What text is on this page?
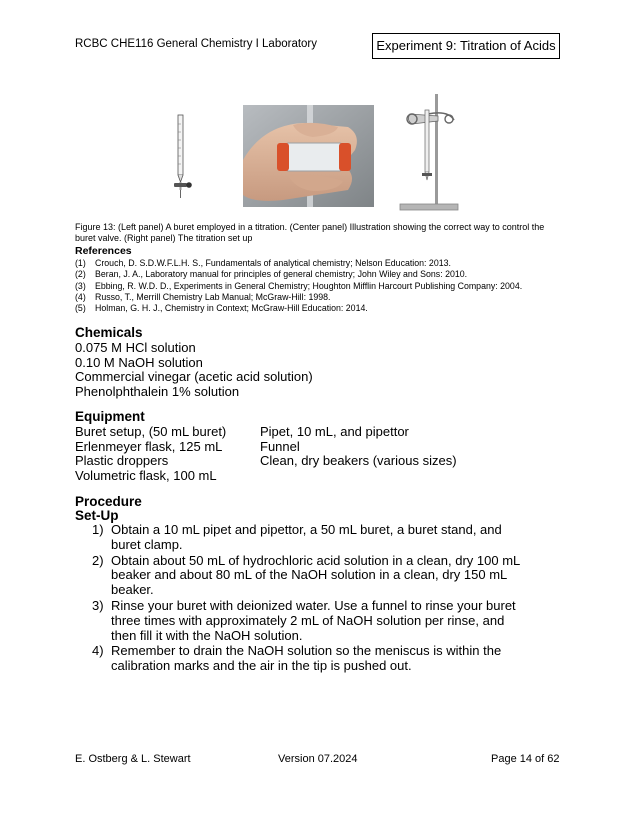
RCBC CHE116 General Chemistry I Laboratory	Experiment 9: Titration of Acids
Figure 13: (Left panel) A buret employed in a titration. (Center panel) Illustration showing the correct way to control the buret valve. (Right panel) The titration set up
References
(1)	Crouch, D. S.D.W.F.L.H. S., Fundamentals of analytical chemistry; Nelson Education: 2013.
(2)	Beran, J. A., Laboratory manual for principles of general chemistry; John Wiley and Sons: 2010.
(3)	Ebbing, R. W.D. D., Experiments in General Chemistry; Houghton Mifflin Harcourt Publishing Company: 2004.
(4)	Russo, T., Merrill Chemistry Lab Manual; McGraw-Hill: 1998.
(5)	Holman, G. H. J., Chemistry in Context; McGraw-Hill Education: 2014.
Chemicals
0.075 M HCl solution
0.10 M NaOH solution
Commercial vinegar (acetic acid solution)
Phenolphthalein 1% solution
Equipment
Buret setup, (50 mL buret)	Pipet, 10 mL, and pipettor
Erlenmeyer flask, 125 mL	Funnel
Plastic droppers	Clean, dry beakers (various sizes)
Volumetric flask, 100 mL
Procedure
Set-Up
1) Obtain a 10 mL pipet and pipettor, a 50 mL buret, a buret stand, and buret clamp.
2) Obtain about 50 mL of hydrochloric acid solution in a clean, dry 100 mL beaker and about 80 mL of the NaOH solution in a clean, dry 150 mL beaker.
3) Rinse your buret with deionized water. Use a funnel to rinse your buret three times with approximately 2 mL of NaOH solution per rinse, and then fill it with the NaOH solution.
4) Remember to drain the NaOH solution so the meniscus is within the calibration marks and the air in the tip is pushed out.
E. Ostberg & L. Stewart	Version 07.2024	Page 14 of 62
